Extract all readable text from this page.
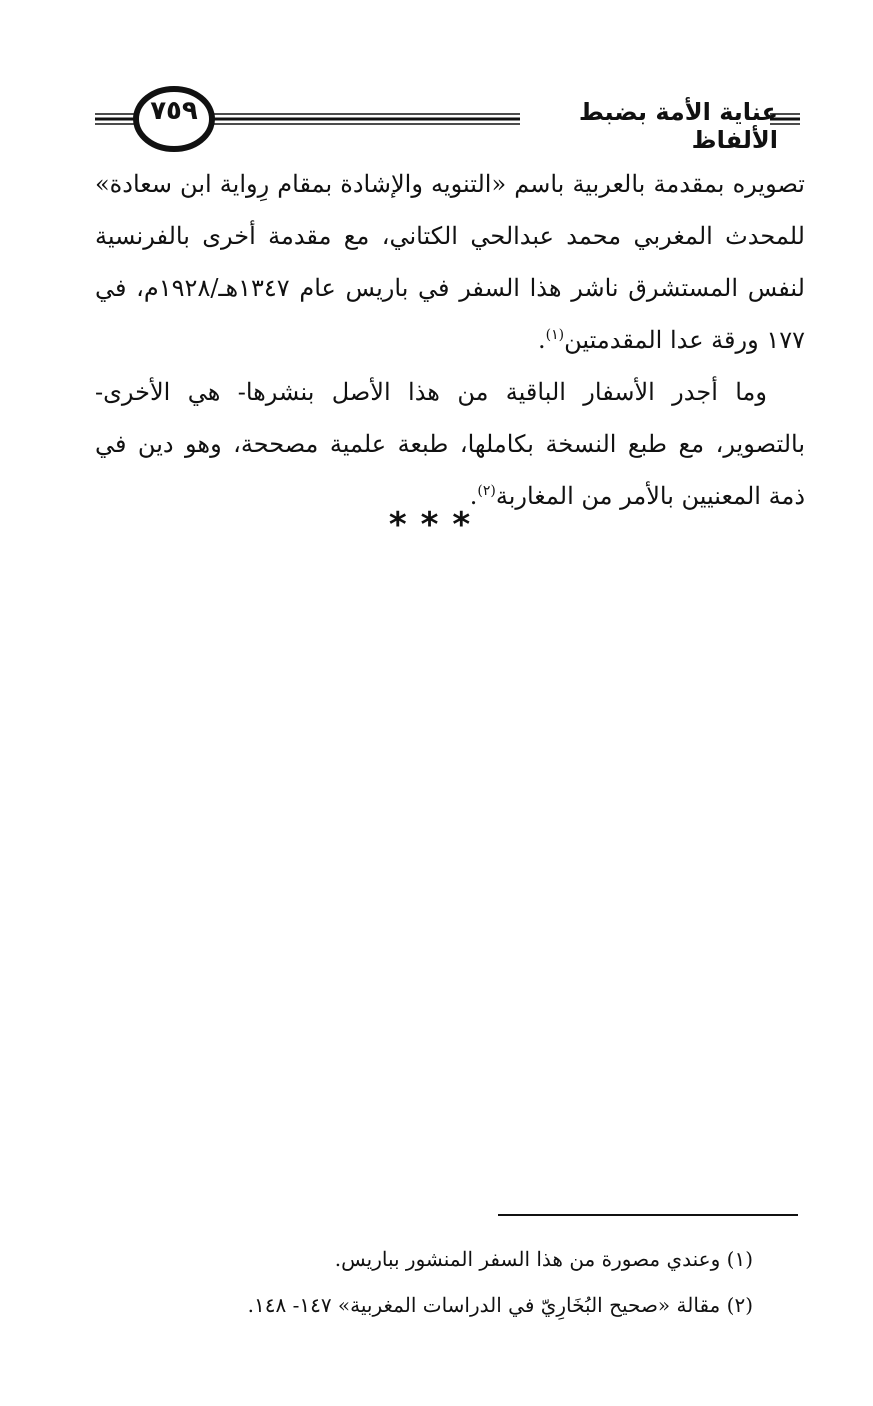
عناية الأمة بضبط الألفاظ
٧٥٩

تصويره بمقدمة بالعربية باسم «التنويه والإشادة بمقام رِواية ابن سعادة» للمحدث المغربي محمد عبدالحي الكتاني، مع مقدمة أخرى بالفرنسية لنفس المستشرق ناشر هذا السفر في باريس عام ١٣٤٧هـ/١٩٢٨م، في ١٧٧ ورقة عدا المقدمتين$^{(١)}$.

وما أجدر الأسفار الباقية من هذا الأصل بنشرها- هي الأخرى- بالتصوير، مع طبع النسخة بكاملها، طبعة علمية مصححة، وهو دين في ذمة المعنيين بالأمر من المغاربة$^{(٢)}$.

***
(١) وعندي مصورة من هذا السفر المنشور بباريس.
(٢) مقالة «صحيح البُخَارِيّ في الدراسات المغربية» ١٤٧- ١٤٨.
